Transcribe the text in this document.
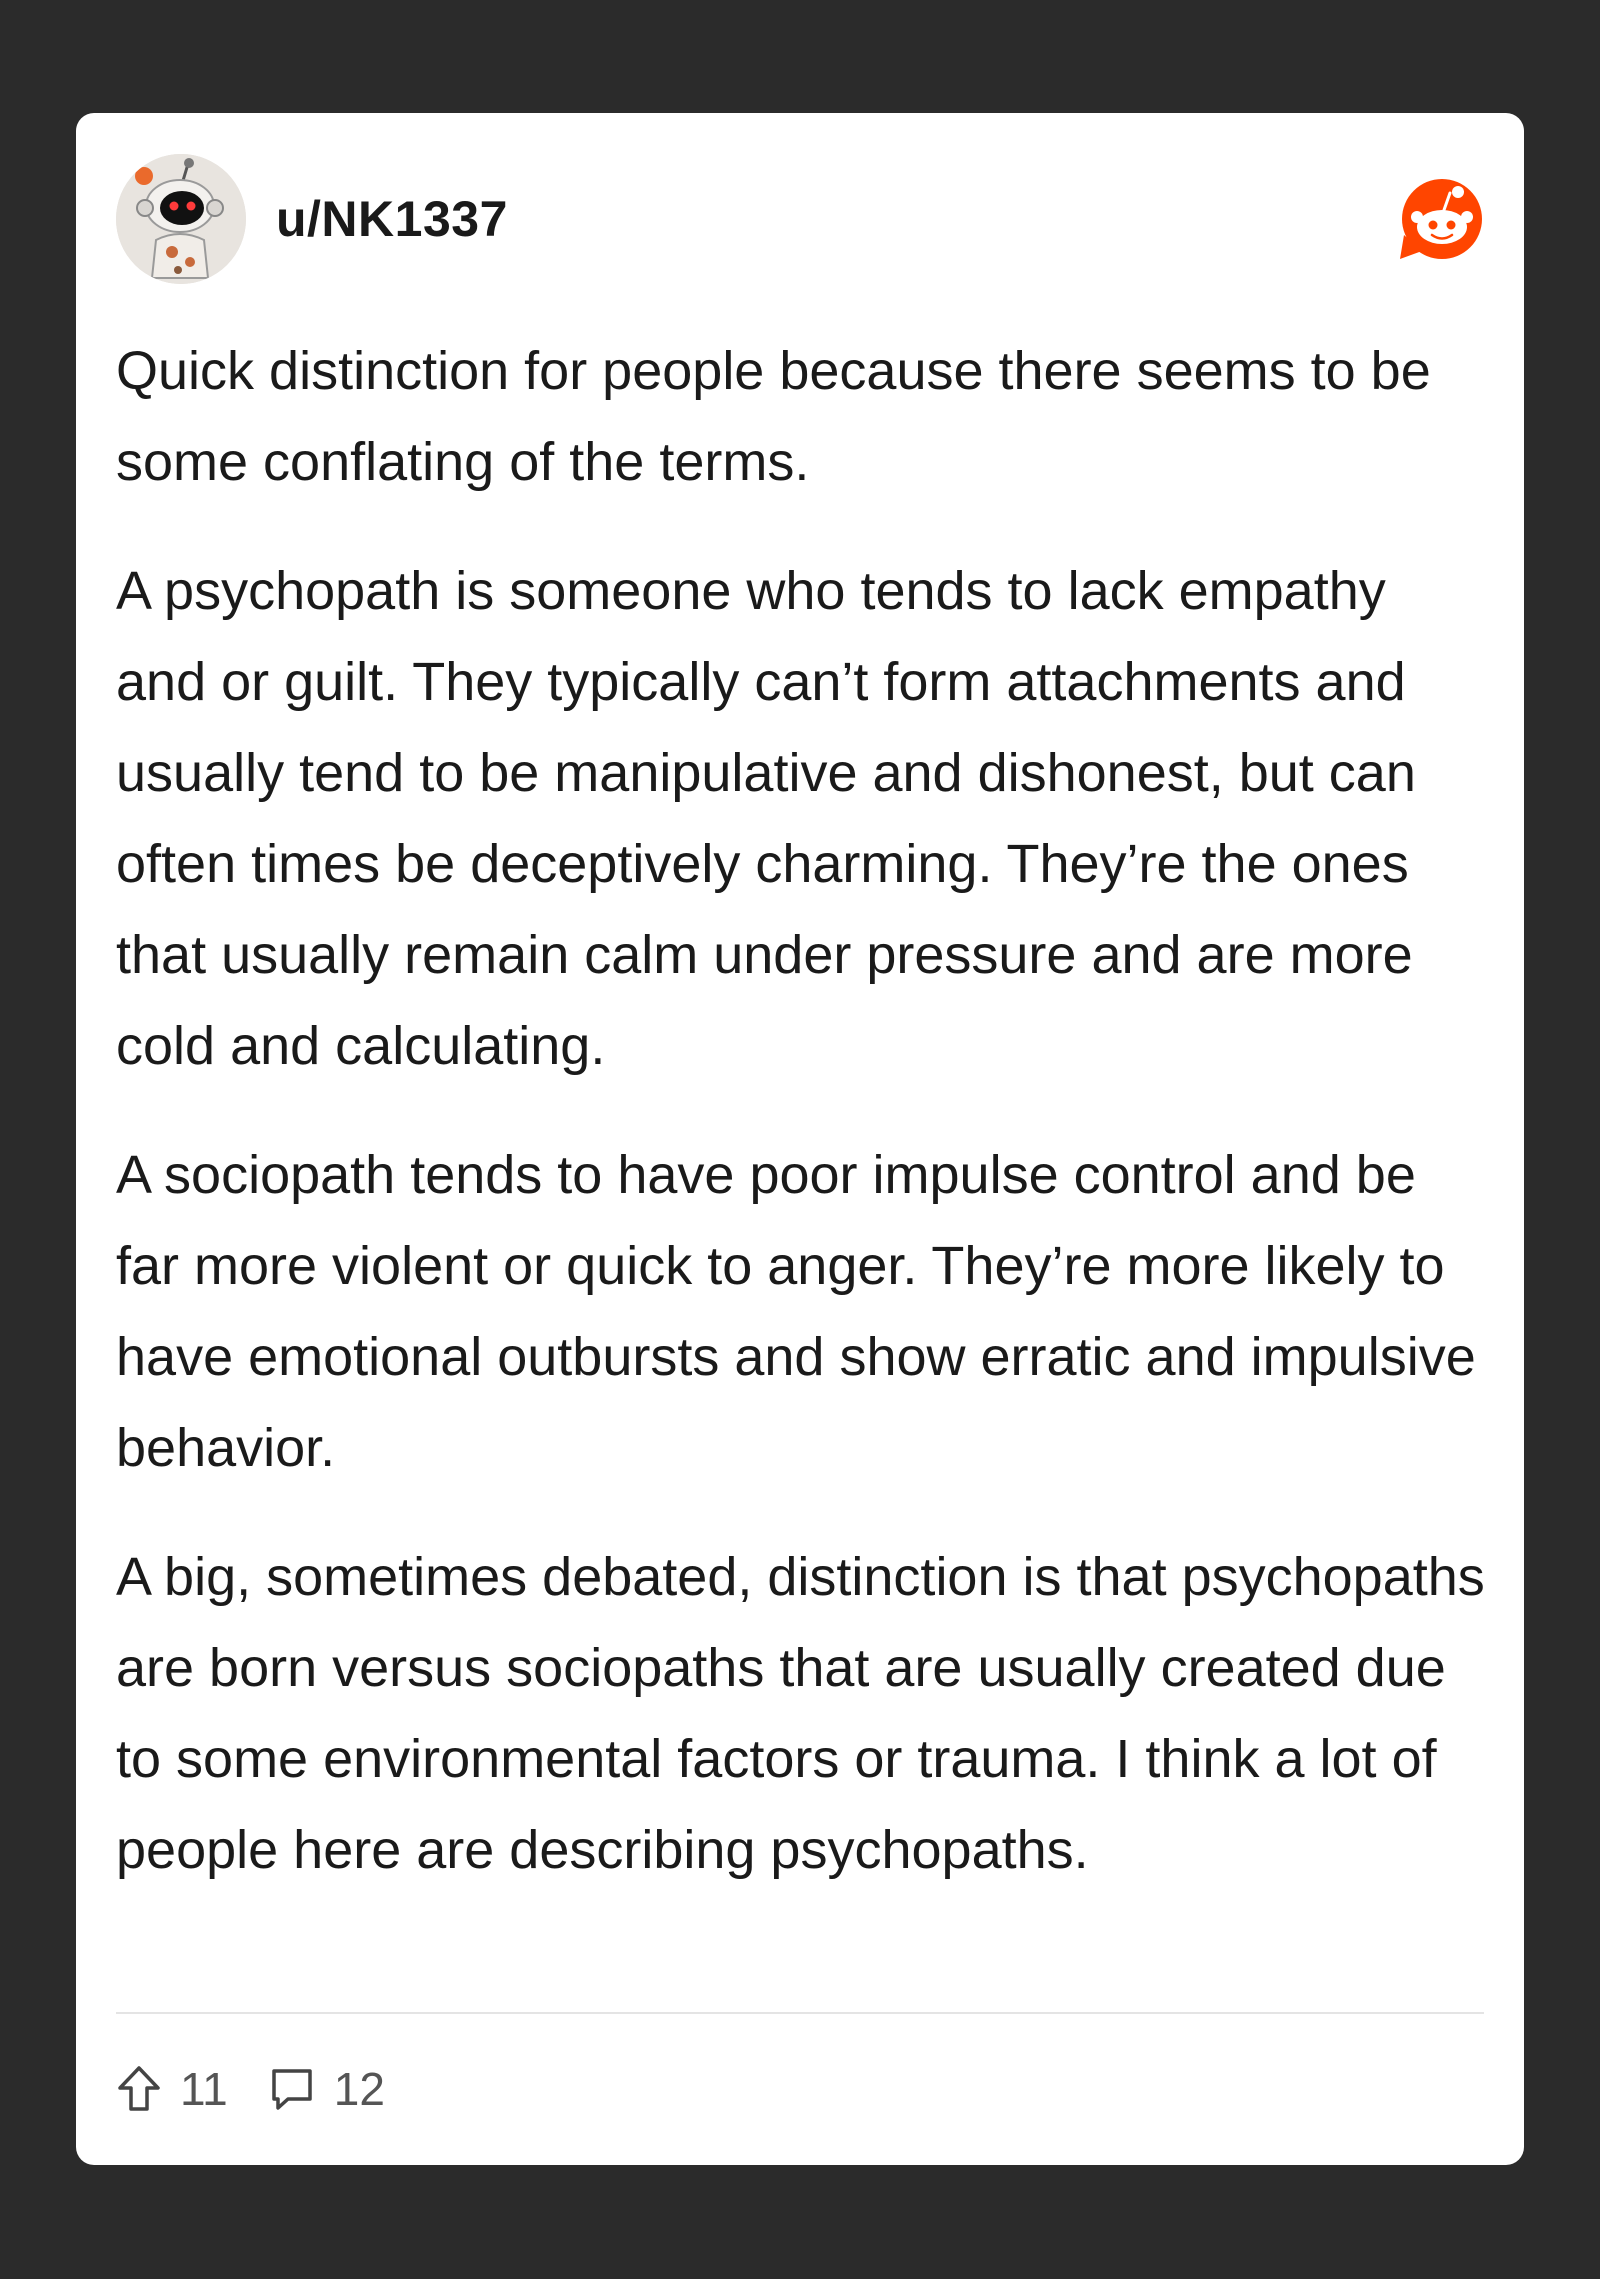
u/NK1337

Quick distinction for people because there seems to be some conflating of the terms.

A psychopath is someone who tends to lack empathy and or guilt. They typically can’t form attachments and usually tend to be manipulative and dishonest, but can often times be deceptively charming. They’re the ones that usually remain calm under pressure and are more cold and calculating.

A sociopath tends to have poor impulse control and be far more violent or quick to anger. They’re more likely to have emotional outbursts and show erratic and impulsive behavior.

A big, sometimes debated, distinction is that psychopaths are born versus sociopaths that are usually created due to some environmental factors or trauma. I think a lot of people here are describing psychopaths.

11 12
